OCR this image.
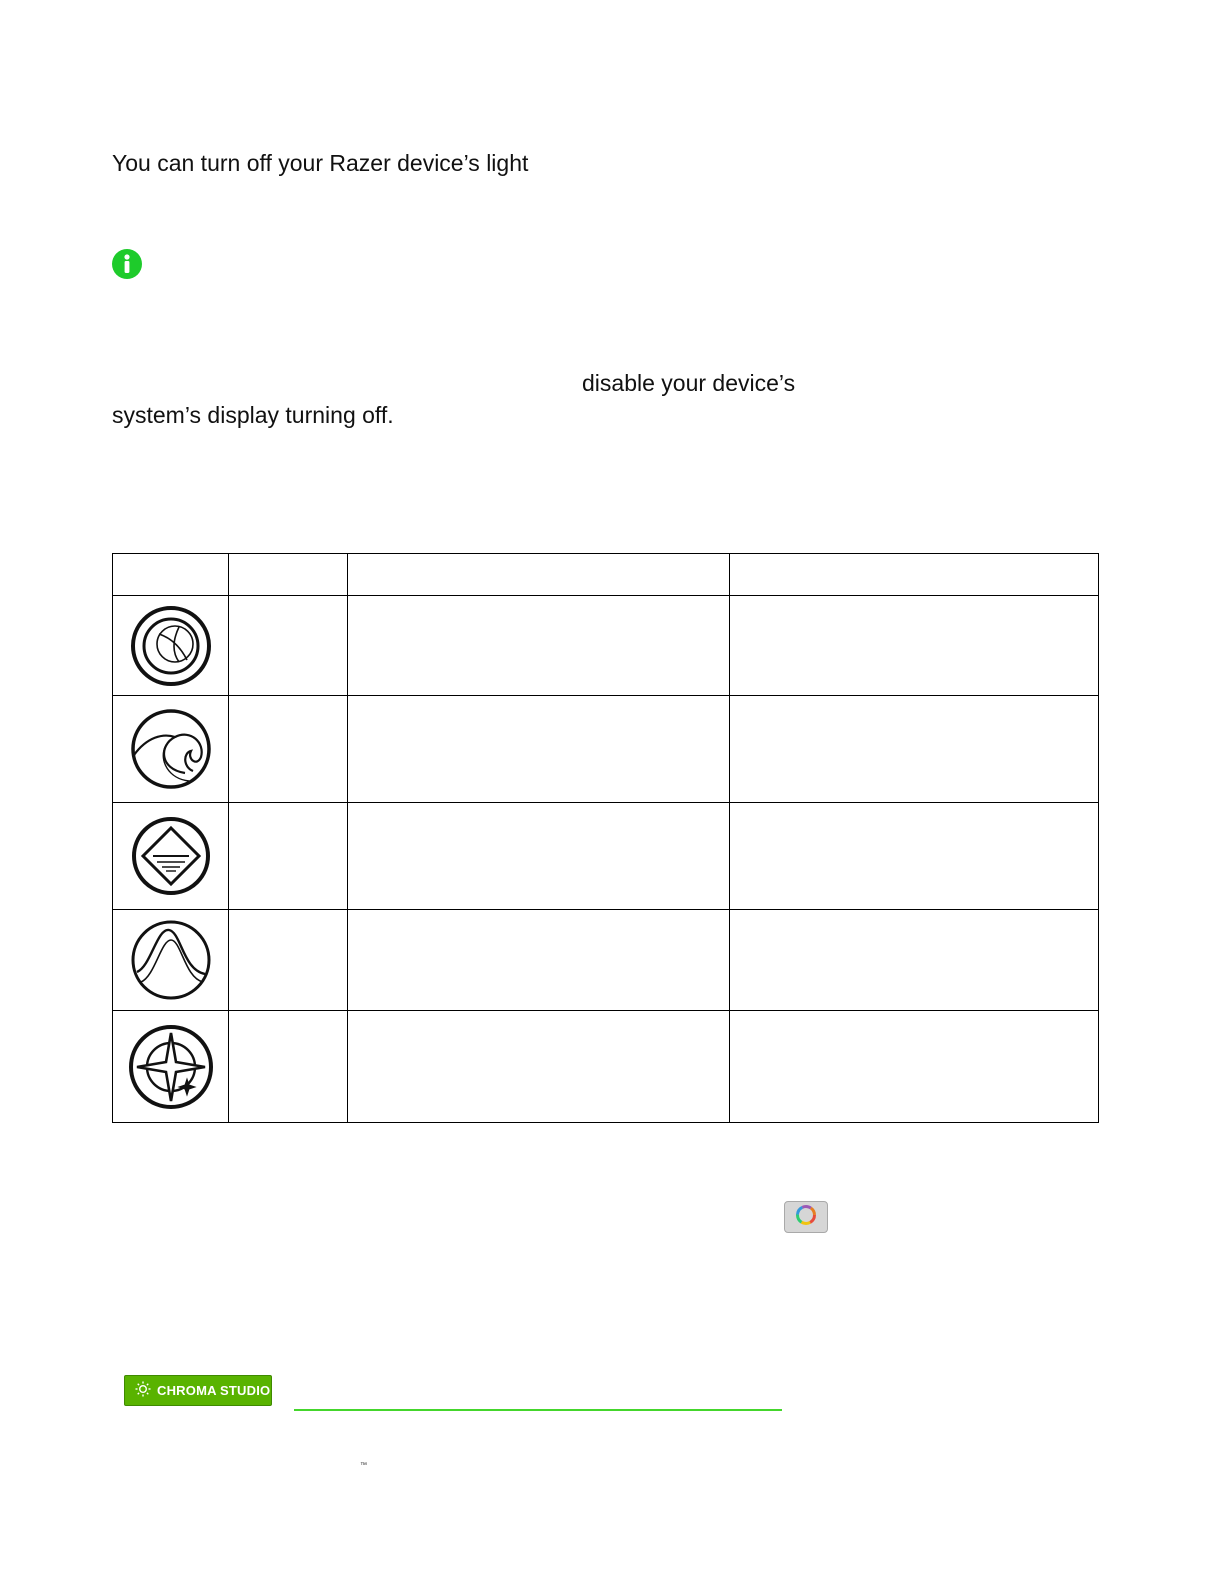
You can turn off your Razer device’s light
disable your device’s
system’s display turning off.

CHROMA STUDIO
™
